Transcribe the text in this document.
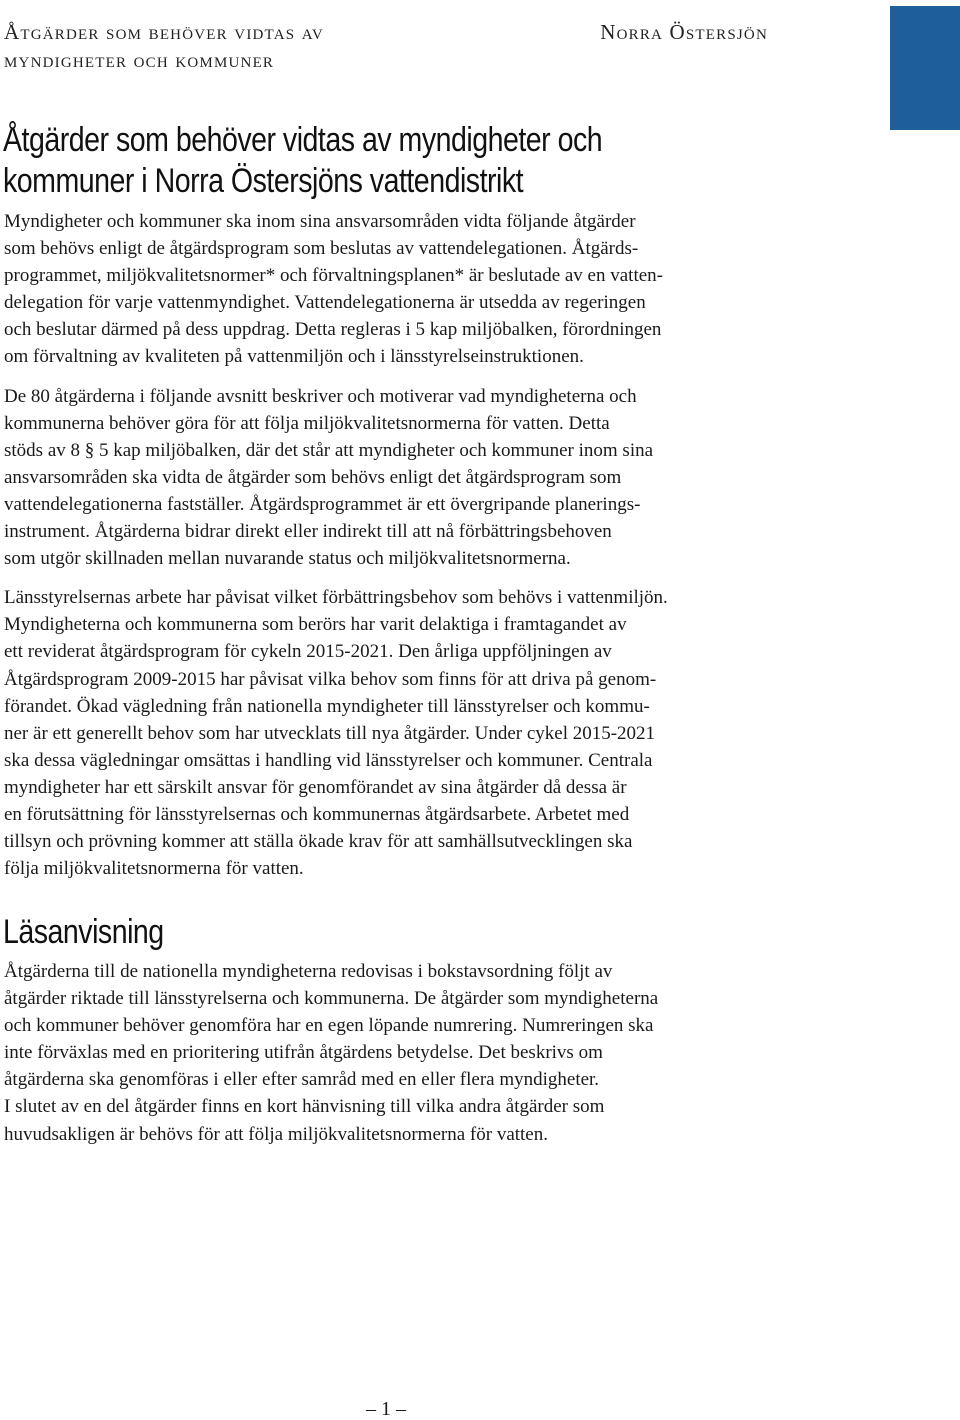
Åtgärder som behöver vidtas av
myndigheter och kommuner
Norra Östersjön
Åtgärder som behöver vidtas av myndigheter och
kommuner i Norra Östersjöns vattendistrikt

Myndigheter och kommuner ska inom sina ansvarsområden vidta följande åtgärder
som behövs enligt de åtgärdsprogram som beslutas av vattendelegationen. Åtgärds-
programmet, miljökvalitetsnormer* och förvaltningsplanen* är beslutade av en vatten-
delegation för varje vattenmyndighet. Vattendelegationerna är utsedda av regeringen
och beslutar därmed på dess uppdrag. Detta regleras i 5 kap miljöbalken, förordningen
om förvaltning av kvaliteten på vattenmiljön och i länsstyrelseinstruktionen.

De 80 åtgärderna i följande avsnitt beskriver och motiverar vad myndigheterna och
kommunerna behöver göra för att följa miljökvalitetsnormerna för vatten. Detta
stöds av 8 § 5 kap miljöbalken, där det står att myndigheter och kommuner inom sina
ansvarsområden ska vidta de åtgärder som behövs enligt det åtgärdsprogram som
vattendelegationerna fastställer. Åtgärdsprogrammet är ett övergripande planerings-
instrument. Åtgärderna bidrar direkt eller indirekt till att nå förbättringsbehoven
som utgör skillnaden mellan nuvarande status och miljökvalitetsnormerna.

Länsstyrelsernas arbete har påvisat vilket förbättringsbehov som behövs i vattenmiljön.
Myndigheterna och kommunerna som berörs har varit delaktiga i framtagandet av
ett reviderat åtgärdsprogram för cykeln 2015-2021. Den årliga uppföljningen av
Åtgärdsprogram 2009-2015 har påvisat vilka behov som finns för att driva på genom-
förandet. Ökad vägledning från nationella myndigheter till länsstyrelser och kommu-
ner är ett generellt behov som har utvecklats till nya åtgärder. Under cykel 2015-2021
ska dessa vägledningar omsättas i handling vid länsstyrelser och kommuner. Centrala
myndigheter har ett särskilt ansvar för genomförandet av sina åtgärder då dessa är
en förutsättning för länsstyrelsernas och kommunernas åtgärdsarbete. Arbetet med
tillsyn och prövning kommer att ställa ökade krav för att samhällsutvecklingen ska
följa miljökvalitetsnormerna för vatten.

Läsanvisning

Åtgärderna till de nationella myndigheterna redovisas i bokstavsordning följt av
åtgärder riktade till länsstyrelserna och kommunerna. De åtgärder som myndigheterna
och kommuner behöver genomföra har en egen löpande numrering. Numreringen ska
inte förväxlas med en prioritering utifrån åtgärdens betydelse. Det beskrivs om
åtgärderna ska genomföras i eller efter samråd med en eller flera myndigheter.
I slutet av en del åtgärder finns en kort hänvisning till vilka andra åtgärder som
huvudsakligen är behövs för att följa miljökvalitetsnormerna för vatten.

– 1 –
